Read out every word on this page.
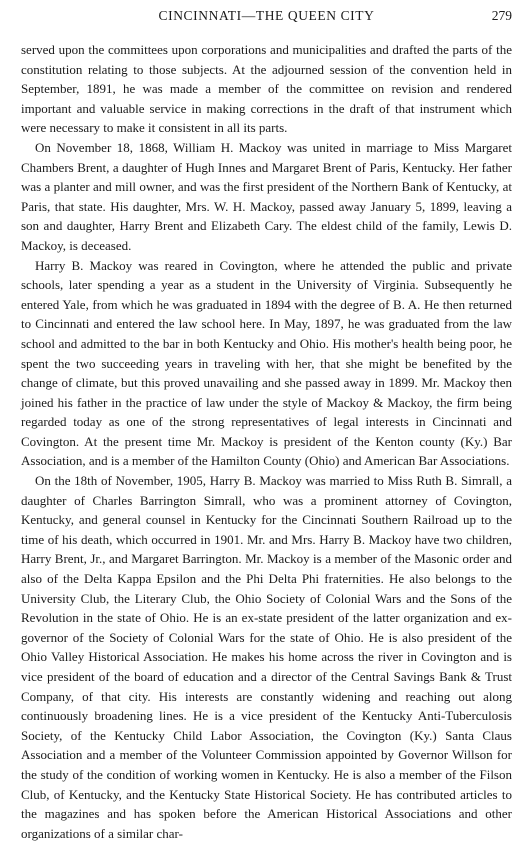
CINCINNATI—THE QUEEN CITY	279

served upon the committees upon corporations and municipalities and drafted the parts of the constitution relating to those subjects. At the adjourned session of the convention held in September, 1891, he was made a member of the committee on revision and rendered important and valuable service in making corrections in the draft of that instrument which were necessary to make it consistent in all its parts.

On November 18, 1868, William H. Mackoy was united in marriage to Miss Margaret Chambers Brent, a daughter of Hugh Innes and Margaret Brent of Paris, Kentucky. Her father was a planter and mill owner, and was the first president of the Northern Bank of Kentucky, at Paris, that state. His daughter, Mrs. W. H. Mackoy, passed away January 5, 1899, leaving a son and daughter, Harry Brent and Elizabeth Cary. The eldest child of the family, Lewis D. Mackoy, is deceased.

Harry B. Mackoy was reared in Covington, where he attended the public and private schools, later spending a year as a student in the University of Virginia. Subsequently he entered Yale, from which he was graduated in 1894 with the degree of B. A. He then returned to Cincinnati and entered the law school here. In May, 1897, he was graduated from the law school and admitted to the bar in both Kentucky and Ohio. His mother's health being poor, he spent the two succeeding years in traveling with her, that she might be benefited by the change of climate, but this proved unavailing and she passed away in 1899. Mr. Mackoy then joined his father in the practice of law under the style of Mackoy & Mackoy, the firm being regarded today as one of the strong representatives of legal interests in Cincinnati and Covington. At the present time Mr. Mackoy is president of the Kenton county (Ky.) Bar Association, and is a member of the Hamilton County (Ohio) and American Bar Associations.

On the 18th of November, 1905, Harry B. Mackoy was married to Miss Ruth B. Simrall, a daughter of Charles Barrington Simrall, who was a prominent attorney of Covington, Kentucky, and general counsel in Kentucky for the Cincinnati Southern Railroad up to the time of his death, which occurred in 1901. Mr. and Mrs. Harry B. Mackoy have two children, Harry Brent, Jr., and Margaret Barrington. Mr. Mackoy is a member of the Masonic order and also of the Delta Kappa Epsilon and the Phi Delta Phi fraternities. He also belongs to the University Club, the Literary Club, the Ohio Society of Colonial Wars and the Sons of the Revolution in the state of Ohio. He is an ex-state president of the latter organization and ex-governor of the Society of Colonial Wars for the state of Ohio. He is also president of the Ohio Valley Historical Association. He makes his home across the river in Covington and is vice president of the board of education and a director of the Central Savings Bank & Trust Company, of that city. His interests are constantly widening and reaching out along continuously broadening lines. He is a vice president of the Kentucky Anti-Tuberculosis Society, of the Kentucky Child Labor Association, the Covington (Ky.) Santa Claus Association and a member of the Volunteer Commission appointed by Governor Willson for the study of the condition of working women in Kentucky. He is also a member of the Filson Club, of Kentucky, and the Kentucky State Historical Society. He has contributed articles to the magazines and has spoken before the American Historical Associations and other organizations of a similar char-
